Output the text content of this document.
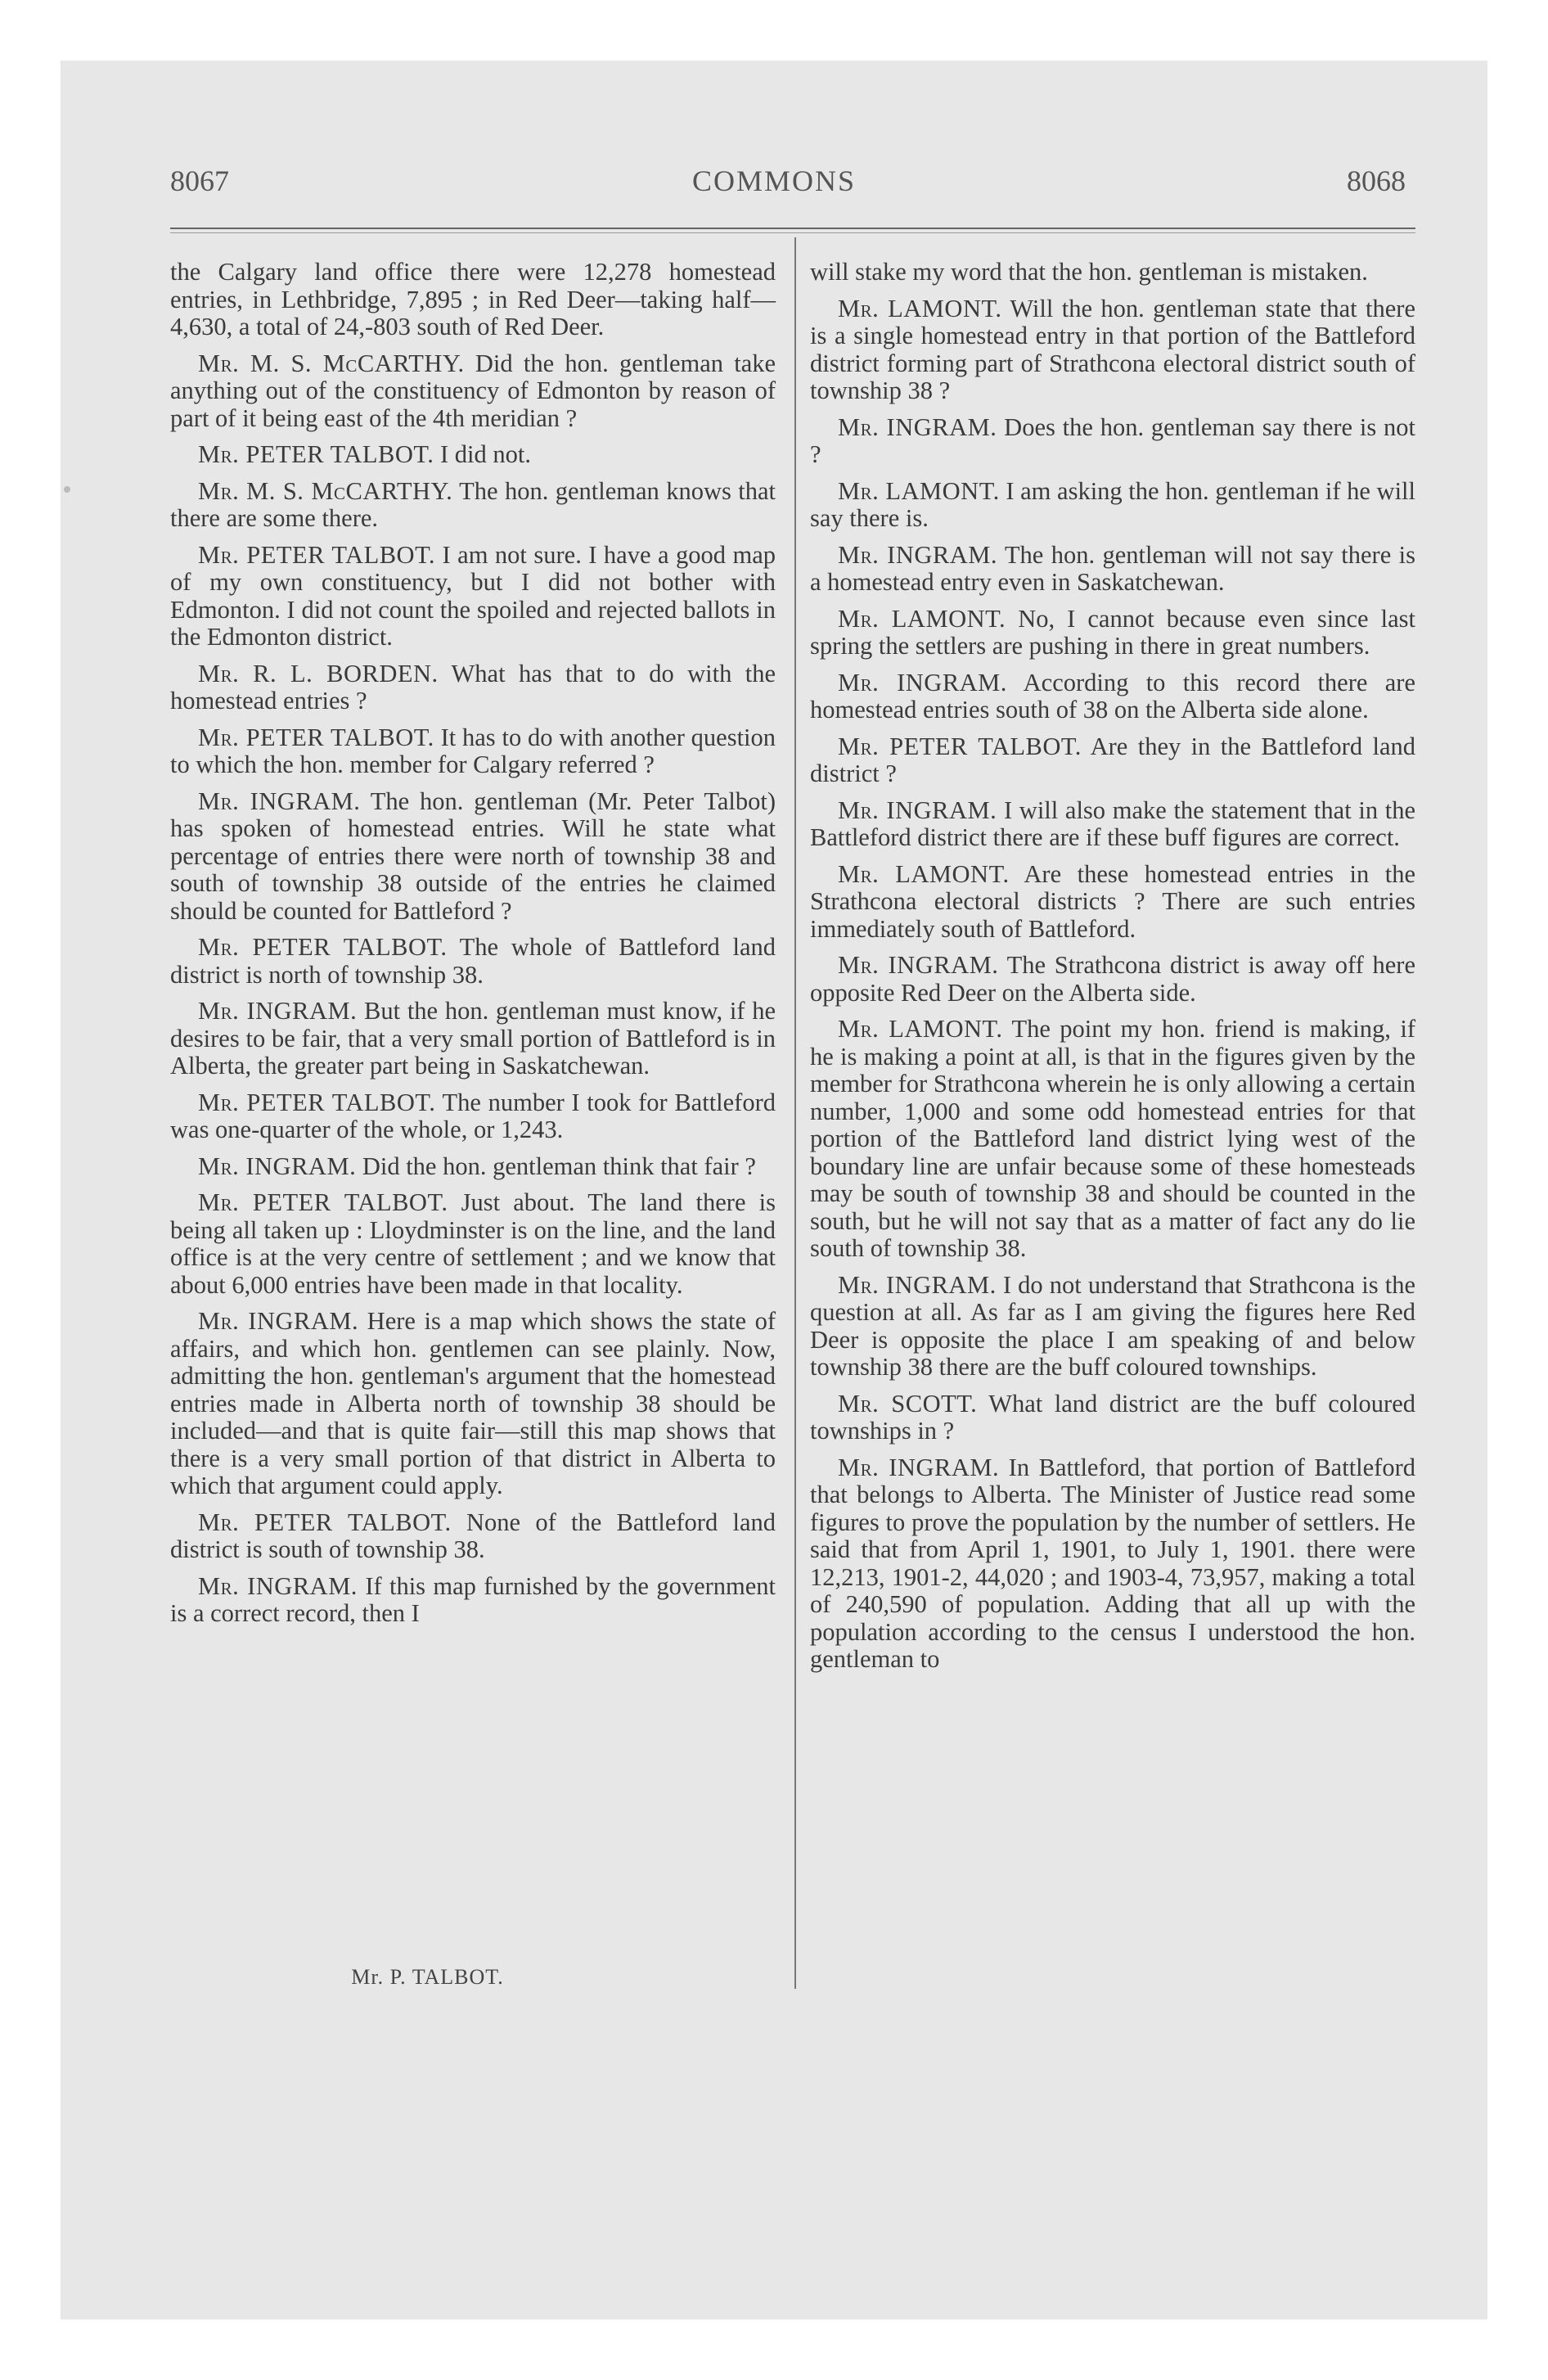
8067	COMMONS	8068

the Calgary land office there were 12,278 homestead entries, in Lethbridge, 7,895 ; in Red Deer—taking half—4,630, a total of 24,-803 south of Red Deer.

Mr. M. S. McCARTHY. Did the hon. gentleman take anything out of the constituency of Edmonton by reason of part of it being east of the 4th meridian ?

Mr. PETER TALBOT. I did not.

Mr. M. S. McCARTHY. The hon. gentleman knows that there are some there.

Mr. PETER TALBOT. I am not sure. I have a good map of my own constituency, but I did not bother with Edmonton. I did not count the spoiled and rejected ballots in the Edmonton district.

Mr. R. L. BORDEN. What has that to do with the homestead entries ?

Mr. PETER TALBOT. It has to do with another question to which the hon. member for Calgary referred ?

Mr. INGRAM. The hon. gentleman (Mr. Peter Talbot) has spoken of homestead entries. Will he state what percentage of entries there were north of township 38 and south of township 38 outside of the entries he claimed should be counted for Battleford ?

Mr. PETER TALBOT. The whole of Battleford land district is north of township 38.

Mr. INGRAM. But the hon. gentleman must know, if he desires to be fair, that a very small portion of Battleford is in Alberta, the greater part being in Saskatchewan.

Mr. PETER TALBOT. The number I took for Battleford was one-quarter of the whole, or 1,243.

Mr. INGRAM. Did the hon. gentleman think that fair ?

Mr. PETER TALBOT. Just about. The land there is being all taken up : Lloydminster is on the line, and the land office is at the very centre of settlement ; and we know that about 6,000 entries have been made in that locality.

Mr. INGRAM. Here is a map which shows the state of affairs, and which hon. gentlemen can see plainly. Now, admitting the hon. gentleman's argument that the homestead entries made in Alberta north of township 38 should be included—and that is quite fair—still this map shows that there is a very small portion of that district in Alberta to which that argument could apply.

Mr. PETER TALBOT. None of the Battleford land district is south of township 38.

Mr. INGRAM. If this map furnished by the government is a correct record, then I

will stake my word that the hon. gentleman is mistaken.

Mr. LAMONT. Will the hon. gentleman state that there is a single homestead entry in that portion of the Battleford district forming part of Strathcona electoral district south of township 38 ?

Mr. INGRAM. Does the hon. gentleman say there is not ?

Mr. LAMONT. I am asking the hon. gentleman if he will say there is.

Mr. INGRAM. The hon. gentleman will not say there is a homestead entry even in Saskatchewan.

Mr. LAMONT. No, I cannot because even since last spring the settlers are pushing in there in great numbers.

Mr. INGRAM. According to this record there are homestead entries south of 38 on the Alberta side alone.

Mr. PETER TALBOT. Are they in the Battleford land district ?

Mr. INGRAM. I will also make the statement that in the Battleford district there are if these buff figures are correct.

Mr. LAMONT. Are these homestead entries in the Strathcona electoral districts ? There are such entries immediately south of Battleford.

Mr. INGRAM. The Strathcona district is away off here opposite Red Deer on the Alberta side.

Mr. LAMONT. The point my hon. friend is making, if he is making a point at all, is that in the figures given by the member for Strathcona wherein he is only allowing a certain number, 1,000 and some odd homestead entries for that portion of the Battleford land district lying west of the boundary line are unfair because some of these homesteads may be south of township 38 and should be counted in the south, but he will not say that as a matter of fact any do lie south of township 38.

Mr. INGRAM. I do not understand that Strathcona is the question at all. As far as I am giving the figures here Red Deer is opposite the place I am speaking of and below township 38 there are the buff coloured townships.

Mr. SCOTT. What land district are the buff coloured townships in ?

Mr. INGRAM. In Battleford, that portion of Battleford that belongs to Alberta. The Minister of Justice read some figures to prove the population by the number of settlers. He said that from April 1, 1901, to July 1, 1901. there were 12,213, 1901-2, 44,020 ; and 1903-4, 73,957, making a total of 240,590 of population. Adding that all up with the population according to the census I understood the hon. gentleman to

Mr. P. TALBOT.
